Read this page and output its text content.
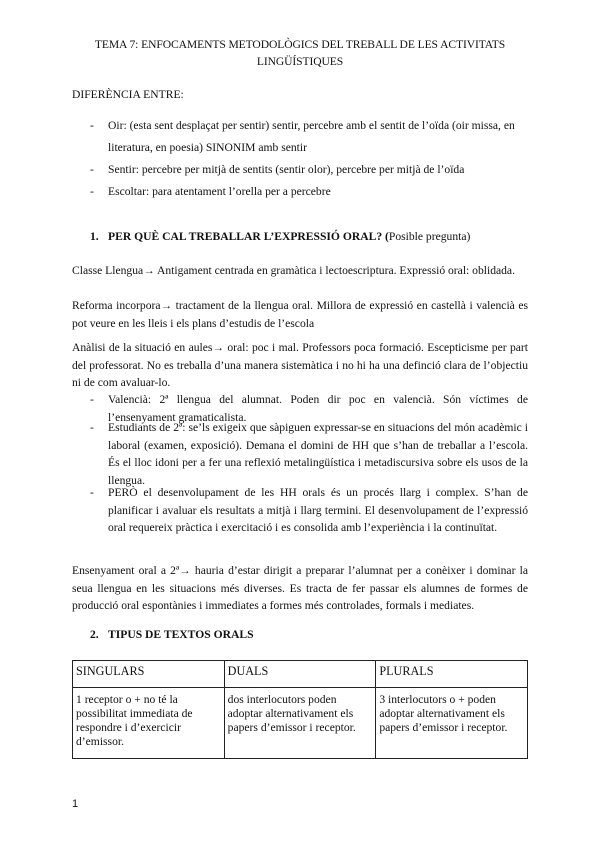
TEMA 7: ENFOCAMENTS METODOLÒGICS DEL TREBALL DE LES ACTIVITATS LINGÜÍSTIQUES
DIFERÈNCIA ENTRE:
- Oir: (esta sent desplaçat per sentir) sentir, percebre amb el sentit de l’oïda (oir missa, en literatura, en poesia) SINONIM amb sentir
- Sentir: percebre per mitjà de sentits (sentir olor), percebre per mitjà de l’oïda
- Escoltar: para atentament l’orella per a percebre
1. PER QUÈ CAL TREBALLAR L’EXPRESSIÓ ORAL? (Posible pregunta)
Classe Llengua→ Antigament centrada en gramàtica i lectoescriptura. Expressió oral: oblidada.
Reforma incorpora→ tractament de la llengua oral. Millora de expressió en castellà i valencià es pot veure en les lleis i els plans d’estudis de l’escola
Anàlisi de la situació en aules→ oral: poc i mal. Professors poca formació. Escepticisme per part del professorat. No es treballa d’una manera sistemàtica i no hi ha una definció clara de l’objectiu ni de com avaluar-lo.
- Valencià: 2ª llengua del alumnat. Poden dir poc en valencià. Són víctimes de l’ensenyament gramaticalista.
- Estudiants de 2ª: se’ls exigeix que sàpiguen expressar-se en situacions del món acadèmic i laboral (examen, exposició). Demana el domini de HH que s’han de treballar a l’escola. És el lloc idoni per a fer una reflexió metalingüística i metadiscursiva sobre els usos de la llengua.
- PERÒ el desenvolupament de les HH orals és un procés llarg i complex. S’han de planificar i avaluar els resultats a mitjà i llarg termini. El desenvolupament de l’expressió oral requereix pràctica i exercitació i es consolida amb l’experiència i la continuïtat.
Ensenyament oral a 2ª→ hauria d’estar dirigit a preparar l’alumnat per a conèixer i dominar la seua llengua en les situacions més diverses. Es tracta de fer passar els alumnes de formes de producció oral espontànies i immediates a formes més controlades, formals i mediates.
2. TIPUS DE TEXTOS ORALS
SINGULARS	DUALS	PLURALS
1 receptor o + no té la possibilitat immediata de respondre i d’exercicir d’emissor.	dos interlocutors poden adoptar alternativament els papers d’emissor i receptor.	3 interlocutors o + poden adoptar alternativament els papers d’emissor i receptor.
1
